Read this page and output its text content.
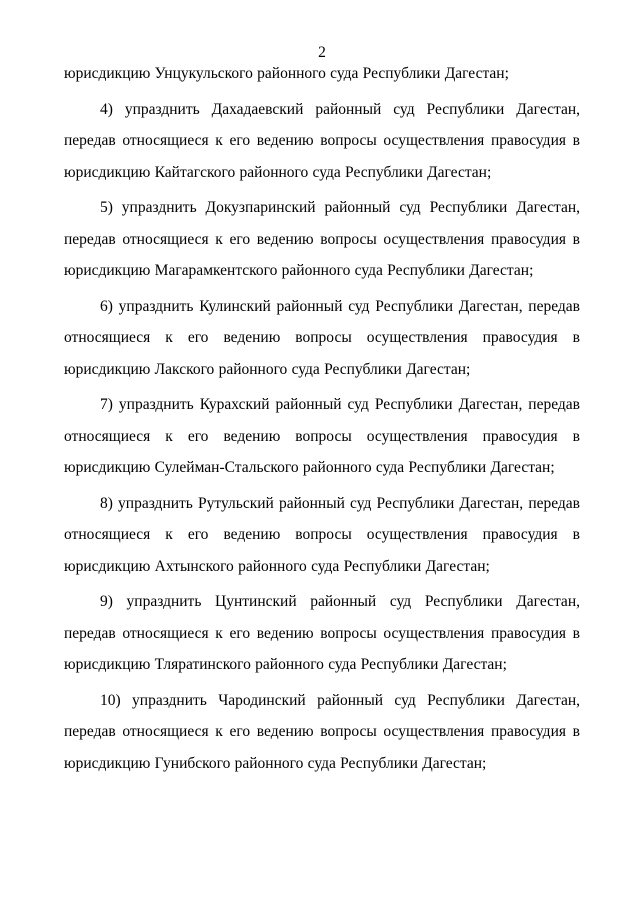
2
юрисдикцию Унцукульского районного суда Республики Дагестан;
4) упразднить Дахадаевский районный суд Республики Дагестан,
передав относящиеся к его ведению вопросы осуществления правосудия в
юрисдикцию Кайтагского районного суда Республики Дагестан;
5) упразднить Докузпаринский районный суд Республики Дагестан,
передав относящиеся к его ведению вопросы осуществления правосудия в
юрисдикцию Магарамкентского районного суда Республики Дагестан;
6) упразднить Кулинский районный суд Республики Дагестан, передав
относящиеся к его ведению вопросы осуществления правосудия в
юрисдикцию Лакского районного суда Республики Дагестан;
7) упразднить Курахский районный суд Республики Дагестан, передав
относящиеся к его ведению вопросы осуществления правосудия в
юрисдикцию Сулейман-Стальского районного суда Республики Дагестан;
8) упразднить Рутульский районный суд Республики Дагестан, передав
относящиеся к его ведению вопросы осуществления правосудия в
юрисдикцию Ахтынского районного суда Республики Дагестан;
9) упразднить Цунтинский районный суд Республики Дагестан,
передав относящиеся к его ведению вопросы осуществления правосудия в
юрисдикцию Тляратинского районного суда Республики Дагестан;
10) упразднить Чародинский районный суд Республики Дагестан,
передав относящиеся к его ведению вопросы осуществления правосудия в
юрисдикцию Гунибского районного суда Республики Дагестан;
